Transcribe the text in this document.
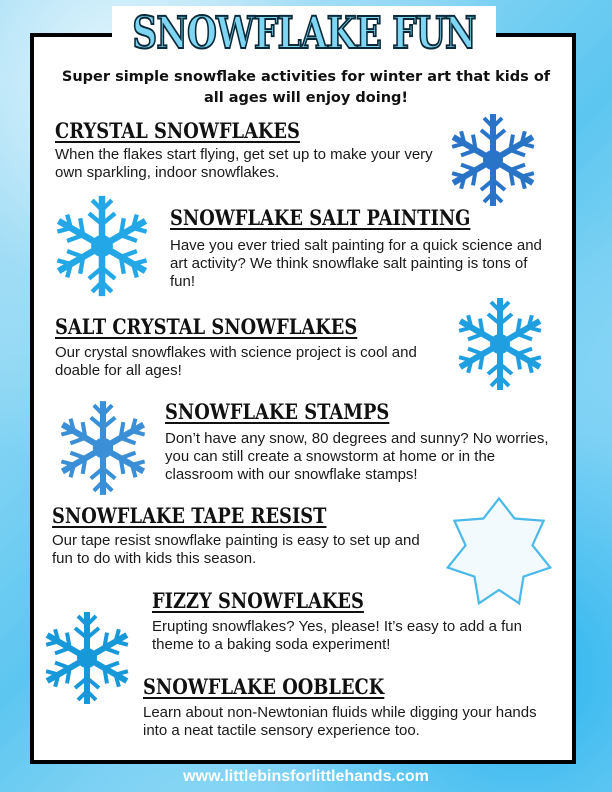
SNOWFLAKE FUN
Super simple snowflake activities for winter art that kids of all ages will enjoy doing!
CRYSTAL SNOWFLAKES
When the flakes start flying, get set up to make your very own sparkling, indoor snowflakes.
SNOWFLAKE SALT PAINTING
Have you ever tried salt painting for a quick science and art activity? We think snowflake salt painting is tons of fun!
SALT CRYSTAL SNOWFLAKES
Our crystal snowflakes with science project is cool and doable for all ages!
SNOWFLAKE STAMPS
Don’t have any snow, 80 degrees and sunny? No worries, you can still create a snowstorm at home or in the classroom with our snowflake stamps!
SNOWFLAKE TAPE RESIST
Our tape resist snowflake painting is easy to set up and fun to do with kids this season.
FIZZY SNOWFLAKES
Erupting snowflakes? Yes, please! It’s easy to add a fun theme to a baking soda experiment!
SNOWFLAKE OOBLECK
Learn about non-Newtonian fluids while digging your hands into a neat tactile sensory experience too.
www.littlebinsforlittlehands.com
